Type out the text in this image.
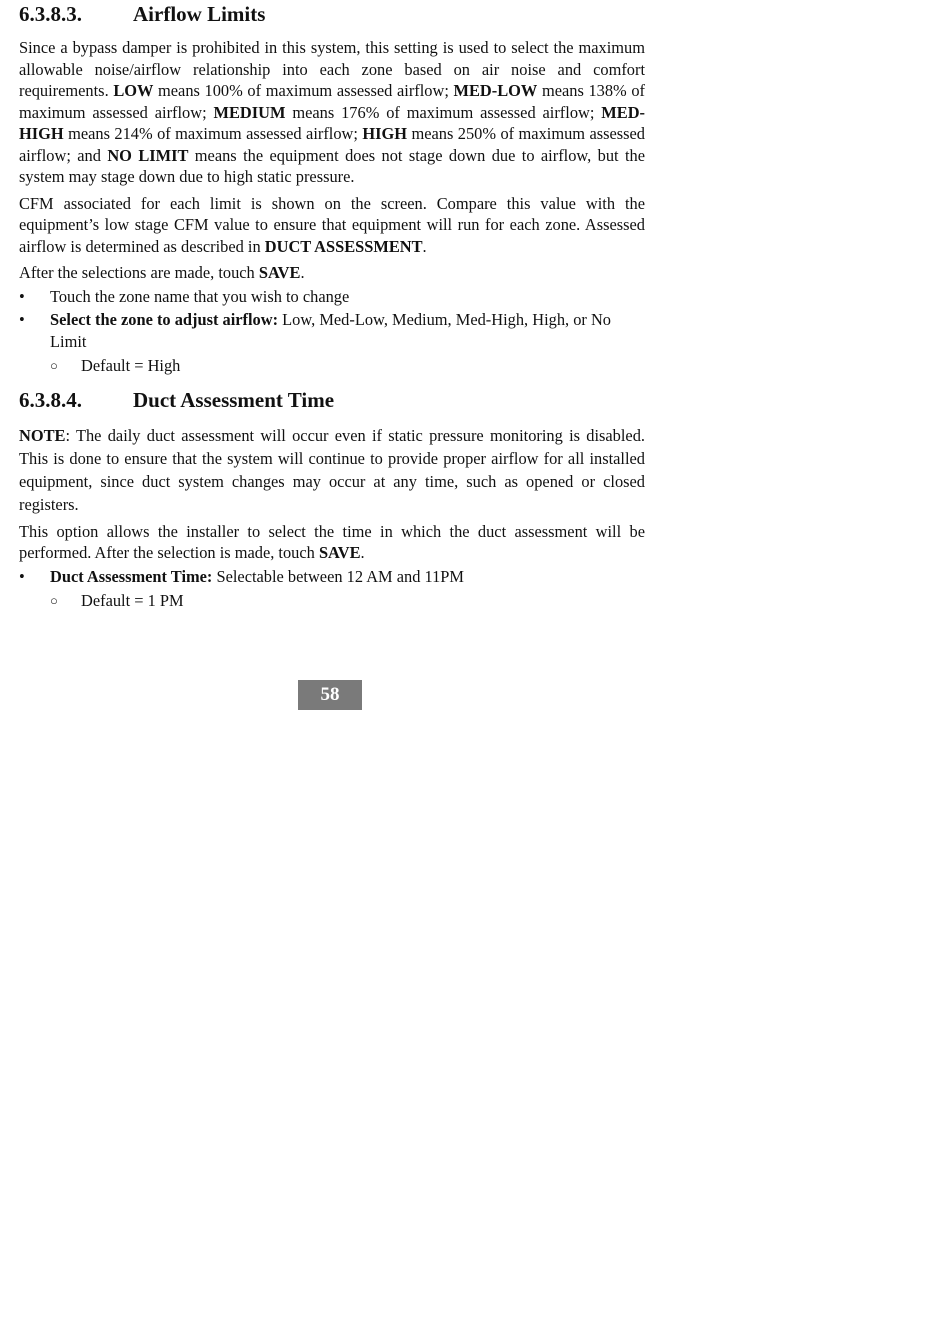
6.3.8.3.	Airflow Limits

Since a bypass damper is prohibited in this system, this setting is used to select the maximum allowable noise/airflow relationship into each zone based on air noise and comfort requirements. LOW means 100% of maximum assessed airflow; MED-LOW means 138% of maximum assessed airflow; MEDIUM means 176% of maximum assessed airflow; MED-HIGH means 214% of maximum assessed airflow; HIGH means 250% of maximum assessed airflow; and NO LIMIT means the equipment does not stage down due to airflow, but the system may stage down due to high static pressure.

CFM associated for each limit is shown on the screen. Compare this value with the equipment’s low stage CFM value to ensure that equipment will run for each zone. Assessed airflow is determined as described in DUCT ASSESSMENT.

After the selections are made, touch SAVE.

•	Touch the zone name that you wish to change
•	Select the zone to adjust airflow: Low, Med-Low, Medium, Med-High, High, or No Limit
○	Default = High
6.3.8.4.	Duct Assessment Time

NOTE: The daily duct assessment will occur even if static pressure monitoring is disabled. This is done to ensure that the system will continue to provide proper airflow for all installed equipment, since duct system changes may occur at any time, such as opened or closed registers.

This option allows the installer to select the time in which the duct assessment will be performed. After the selection is made, touch SAVE.

•	Duct Assessment Time: Selectable between 12 AM and 11PM
○	Default = 1 PM
58
